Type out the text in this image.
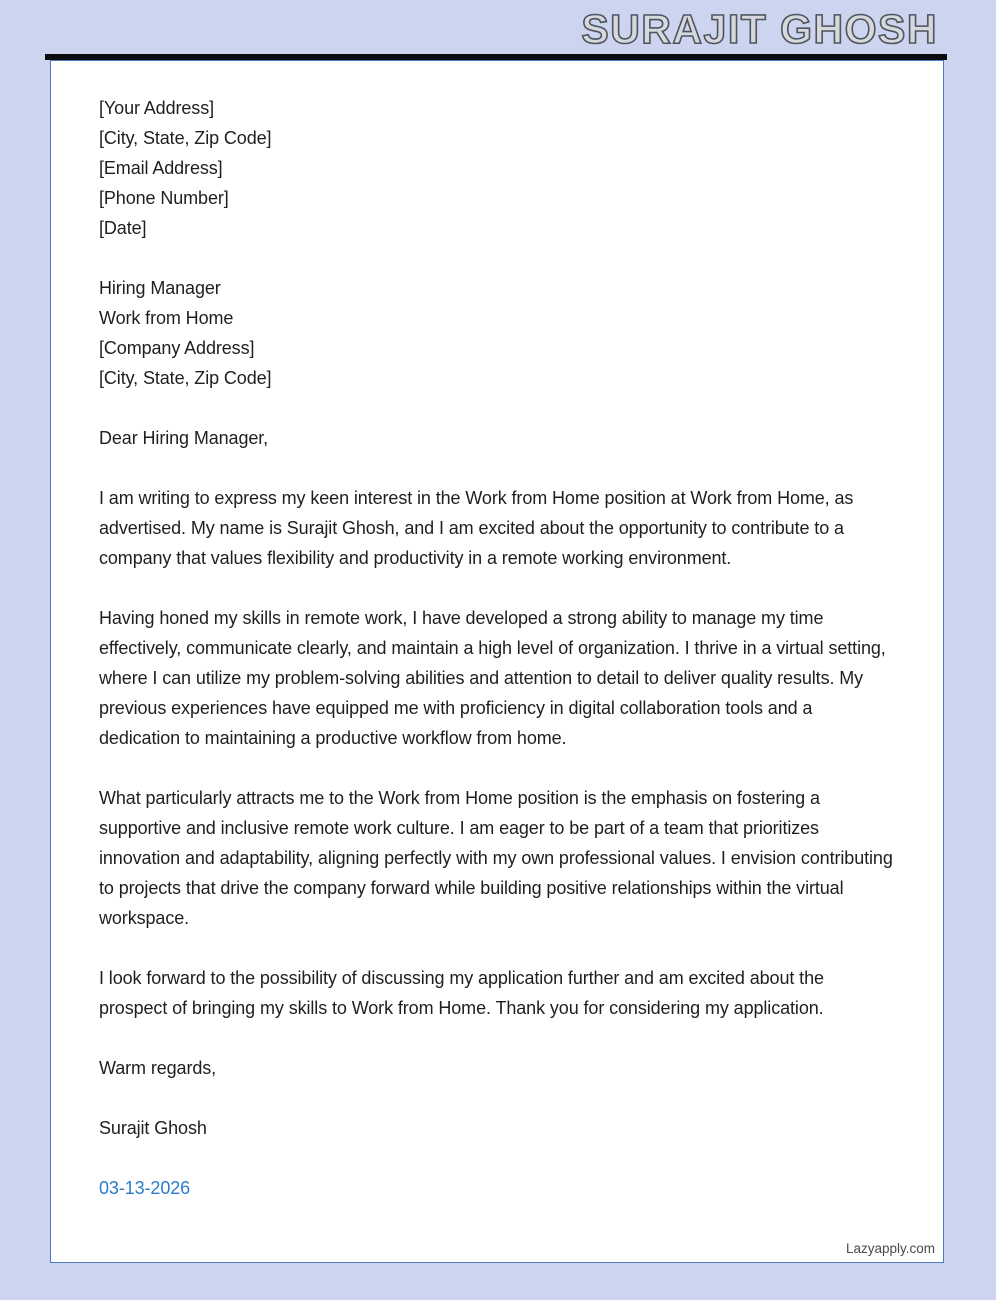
SURAJIT GHOSH
[Your Address]
[City, State, Zip Code]
[Email Address]
[Phone Number]
[Date]
Hiring Manager
Work from Home
[Company Address]
[City, State, Zip Code]
Dear Hiring Manager,
I am writing to express my keen interest in the Work from Home position at Work from Home, as advertised. My name is Surajit Ghosh, and I am excited about the opportunity to contribute to a company that values flexibility and productivity in a remote working environment.
Having honed my skills in remote work, I have developed a strong ability to manage my time effectively, communicate clearly, and maintain a high level of organization. I thrive in a virtual setting, where I can utilize my problem-solving abilities and attention to detail to deliver quality results. My previous experiences have equipped me with proficiency in digital collaboration tools and a dedication to maintaining a productive workflow from home.
What particularly attracts me to the Work from Home position is the emphasis on fostering a supportive and inclusive remote work culture. I am eager to be part of a team that prioritizes innovation and adaptability, aligning perfectly with my own professional values. I envision contributing to projects that drive the company forward while building positive relationships within the virtual workspace.
I look forward to the possibility of discussing my application further and am excited about the prospect of bringing my skills to Work from Home. Thank you for considering my application.
Warm regards,
Surajit Ghosh
03-13-2026
Lazyapply.com
